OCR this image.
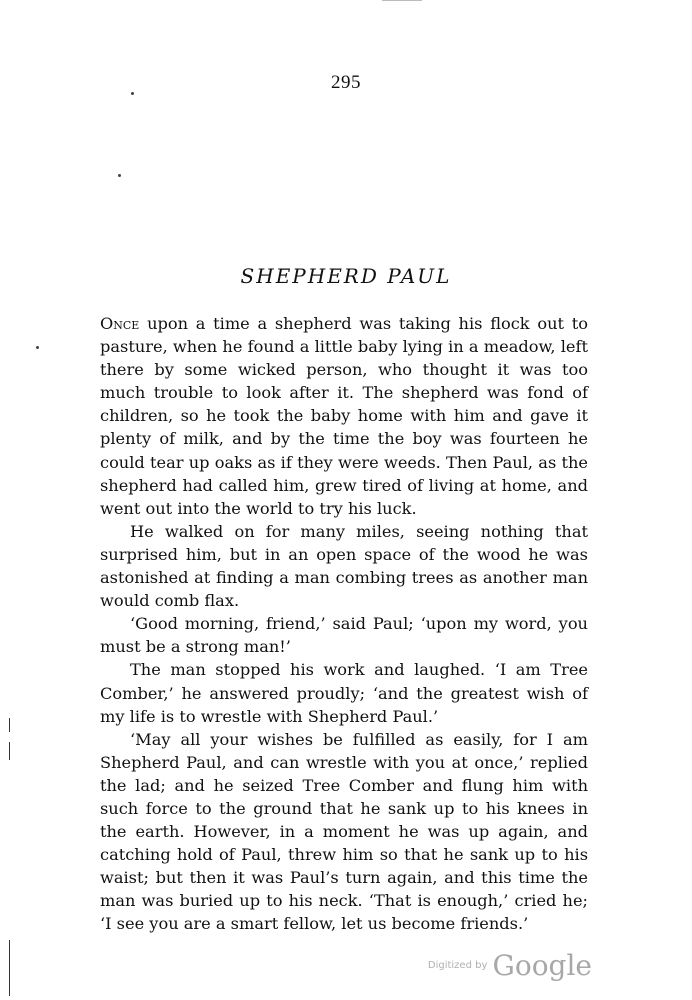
295
SHEPHERD PAUL

Once upon a time a shepherd was taking his flock out to pasture, when he found a little baby lying in a meadow, left there by some wicked person, who thought it was too much trouble to look after it. The shepherd was fond of children, so he took the baby home with him and gave it plenty of milk, and by the time the boy was fourteen he could tear up oaks as if they were weeds. Then Paul, as the shepherd had called him, grew tired of living at home, and went out into the world to try his luck.

He walked on for many miles, seeing nothing that surprised him, but in an open space of the wood he was astonished at finding a man combing trees as another man would comb flax.

‘Good morning, friend,’ said Paul; ‘upon my word, you must be a strong man!’

The man stopped his work and laughed. ‘I am Tree Comber,’ he answered proudly; ‘and the greatest wish of my life is to wrestle with Shepherd Paul.’

‘May all your wishes be fulfilled as easily, for I am Shepherd Paul, and can wrestle with you at once,’ replied the lad; and he seized Tree Comber and flung him with such force to the ground that he sank up to his knees in the earth. However, in a moment he was up again, and catching hold of Paul, threw him so that he sank up to his waist; but then it was Paul’s turn again, and this time the man was buried up to his neck. ‘That is enough,’ cried he; ‘I see you are a smart fellow, let us become friends.’

Digitized by Google
